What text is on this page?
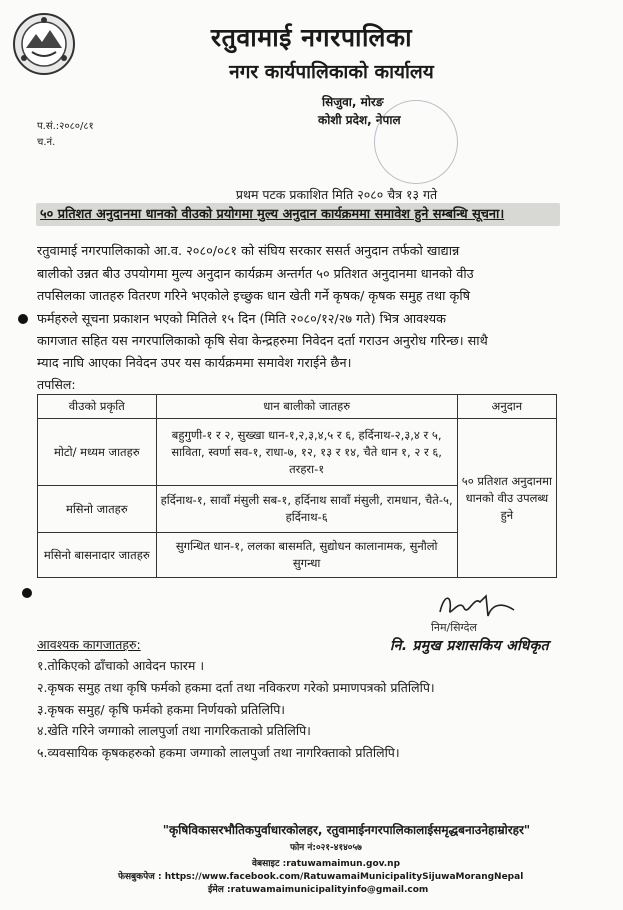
रतुवामाई नगरपालिका
नगर कार्यपालिकाको कार्यालय
सिजुवा, मोरङ
कोशी प्रदेश, नेपाल
प.सं.:२०८०/८१
च.नं.
प्रथम पटक प्रकाशित मिति २०८० चैत्र १३ गते
५० प्रतिशत अनुदानमा धानको वीउको प्रयोगमा मुल्य अनुदान कार्यक्रममा समावेश हुने सम्बन्धि सूचना।
रतुवामाई नगरपालिकाको आ.व. २०८०/०८१ को संघिय सरकार ससर्त अनुदान तर्फको खाद्यान्न
बालीको उन्नत बीउ उपयोगमा मुल्य अनुदान कार्यक्रम अन्तर्गत ५० प्रतिशत अनुदानमा धानको वीउ
तपसिलका जातहरु वितरण गरिने भएकोले इच्छुक धान खेती गर्ने कृषक/ कृषक समुह तथा कृषि
फर्महरुले सूचना प्रकाशन भएको मितिले १५ दिन (मिति २०८०/१२/२७ गते) भित्र आवश्यक
कागजात सहित यस नगरपालिकाको कृषि सेवा केन्द्रहरुमा निवेदन दर्ता गराउन अनुरोध गरिन्छ। साथै
म्याद नाघि आएका निवेदन उपर यस कार्यक्रममा समावेश गराईने छैन।
तपसिल:
वीउको प्रकृति	धान बालीको जातहरु	अनुदान
मोटो/ मध्यम जातहरु	बहुगुणी-१ र २, सुख्खा धान-१,२,३,४,५ र ६, हर्दिनाथ-२,३,४ र ५, साविता, स्वर्णा सव-१, राधा-७, १२, १३ र १४, चैते धान १, २ र ६, तरहरा-१	५० प्रतिशत अनुदानमा धानको वीउ उपलब्ध हुने
मसिनो जातहरु	हर्दिनाथ-१, सावाँ मंसुली सब-१, हर्दिनाथ सावाँ मंसुली, रामधान, चैते-५, हर्दिनाथ-६	
मसिनो बासनादार जातहरु	सुगन्धित धान-१, ललका बासमति, सुद्योधन कालानामक, सुनौलो सुगन्धा	
निम/सिग्देल
नि. प्रमुख प्रशासकिय अधिकृत
आवश्यक कागजातहरु:
१.तोकिएको ढाँचाको आवेदन फारम ।
२.कृषक समुह तथा कृषि फर्मको हकमा दर्ता तथा नविकरण गरेको प्रमाणपत्रको प्रतिलिपि।
३.कृषक समुह/ कृषि फर्मको हकमा निर्णयको प्रतिलिपि।
४.खेति गरिने जग्गाको लालपुर्जा तथा नागरिकताको प्रतिलिपि।
५.व्यवसायिक कृषकहरुको हकमा जग्गाको लालपुर्जा तथा नागरिक्ताको प्रतिलिपि।
"कृषिविकासरभौतिकपुर्वाधारकोलहर, रतुवामाईनगरपालिकालाईसमृद्धबनाउनेहाम्रोरहर"
फोन नं:०२१-४१४०५७
वेबसाइट :ratuwamaimun.gov.np
फेसबुकपेज : https://www.facebook.com/RatuwamaiMunicipalitySijuwaMorangNepal
ईमेल :ratuwamaimunicipalityinfo@gmail.com
